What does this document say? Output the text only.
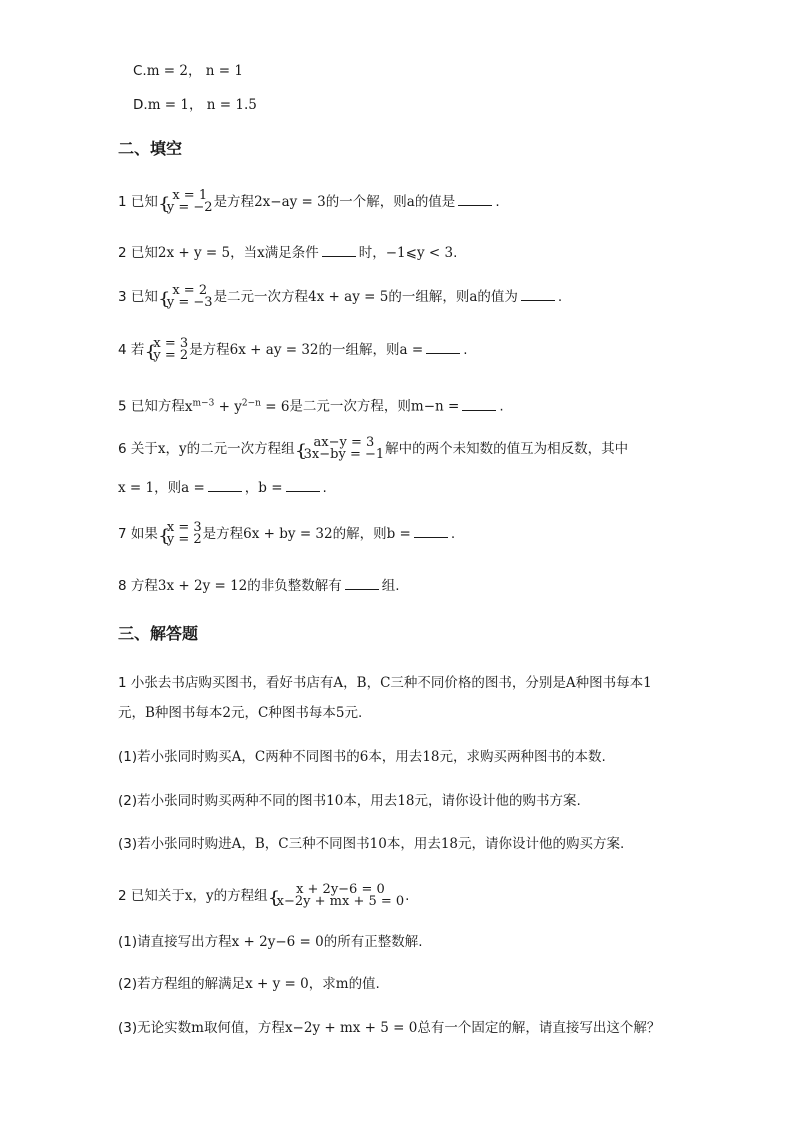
C.m = 2， n = 1
D.m = 1， n = 1.5
二、填空
1 已知	{ x = 1
y = −2 是方程2x−ay = 3的一个解，则a的值是	.
2 已知2x + y = 5，当x满足条件	时，−1⩽y < 3.
3 已知	{ x = 2
y = −3 是二元一次方程4x + ay = 5的一组解，则a的值为	.
4 若 { x = 3
y = 2 是方程6x + ay = 32的一组解，则a =	.
5 已知方程$x^{m-3} + y^{2-n} = 6$是二元一次方程，则m−n =	.
6 关于x，y的二元一次方程组	{ ax−y = 3
3x−by = −1 解中的两个未知数的值互为相反数，其中
x = 1，则a =	，b =	.
7 如果 { x = 3
y = 2 是方程6x + by = 32的解，则b =	.
8 方程3x + 2y = 12的非负整数解有	组.
三、解答题
1 小张去书店购买图书，看好书店有A，B，C三种不同价格的图书，分别是A种图书每本1
元，B种图书每本2元，C种图书每本5元.
(1)若小张同时购买A，C两种不同图书的6本，用去18元，求购买两种图书的本数.
(2)若小张同时购买两种不同的图书10本，用去18元，请你设计他的购书方案.
(3)若小张同时购进A，B，C三种不同图书10本，用去18元，请你设计他的购买方案.
2 已知关于x，y的方程组	{ x + 2y−6 = 0
x−2y + mx + 5 = 0 .
(1)请直接写出方程x + 2y−6 = 0的所有正整数解.
(2)若方程组的解满足x + y = 0，求m的值.
(3)无论实数m取何值，方程x−2y + mx + 5 = 0总有一个固定的解，请直接写出这个解？
